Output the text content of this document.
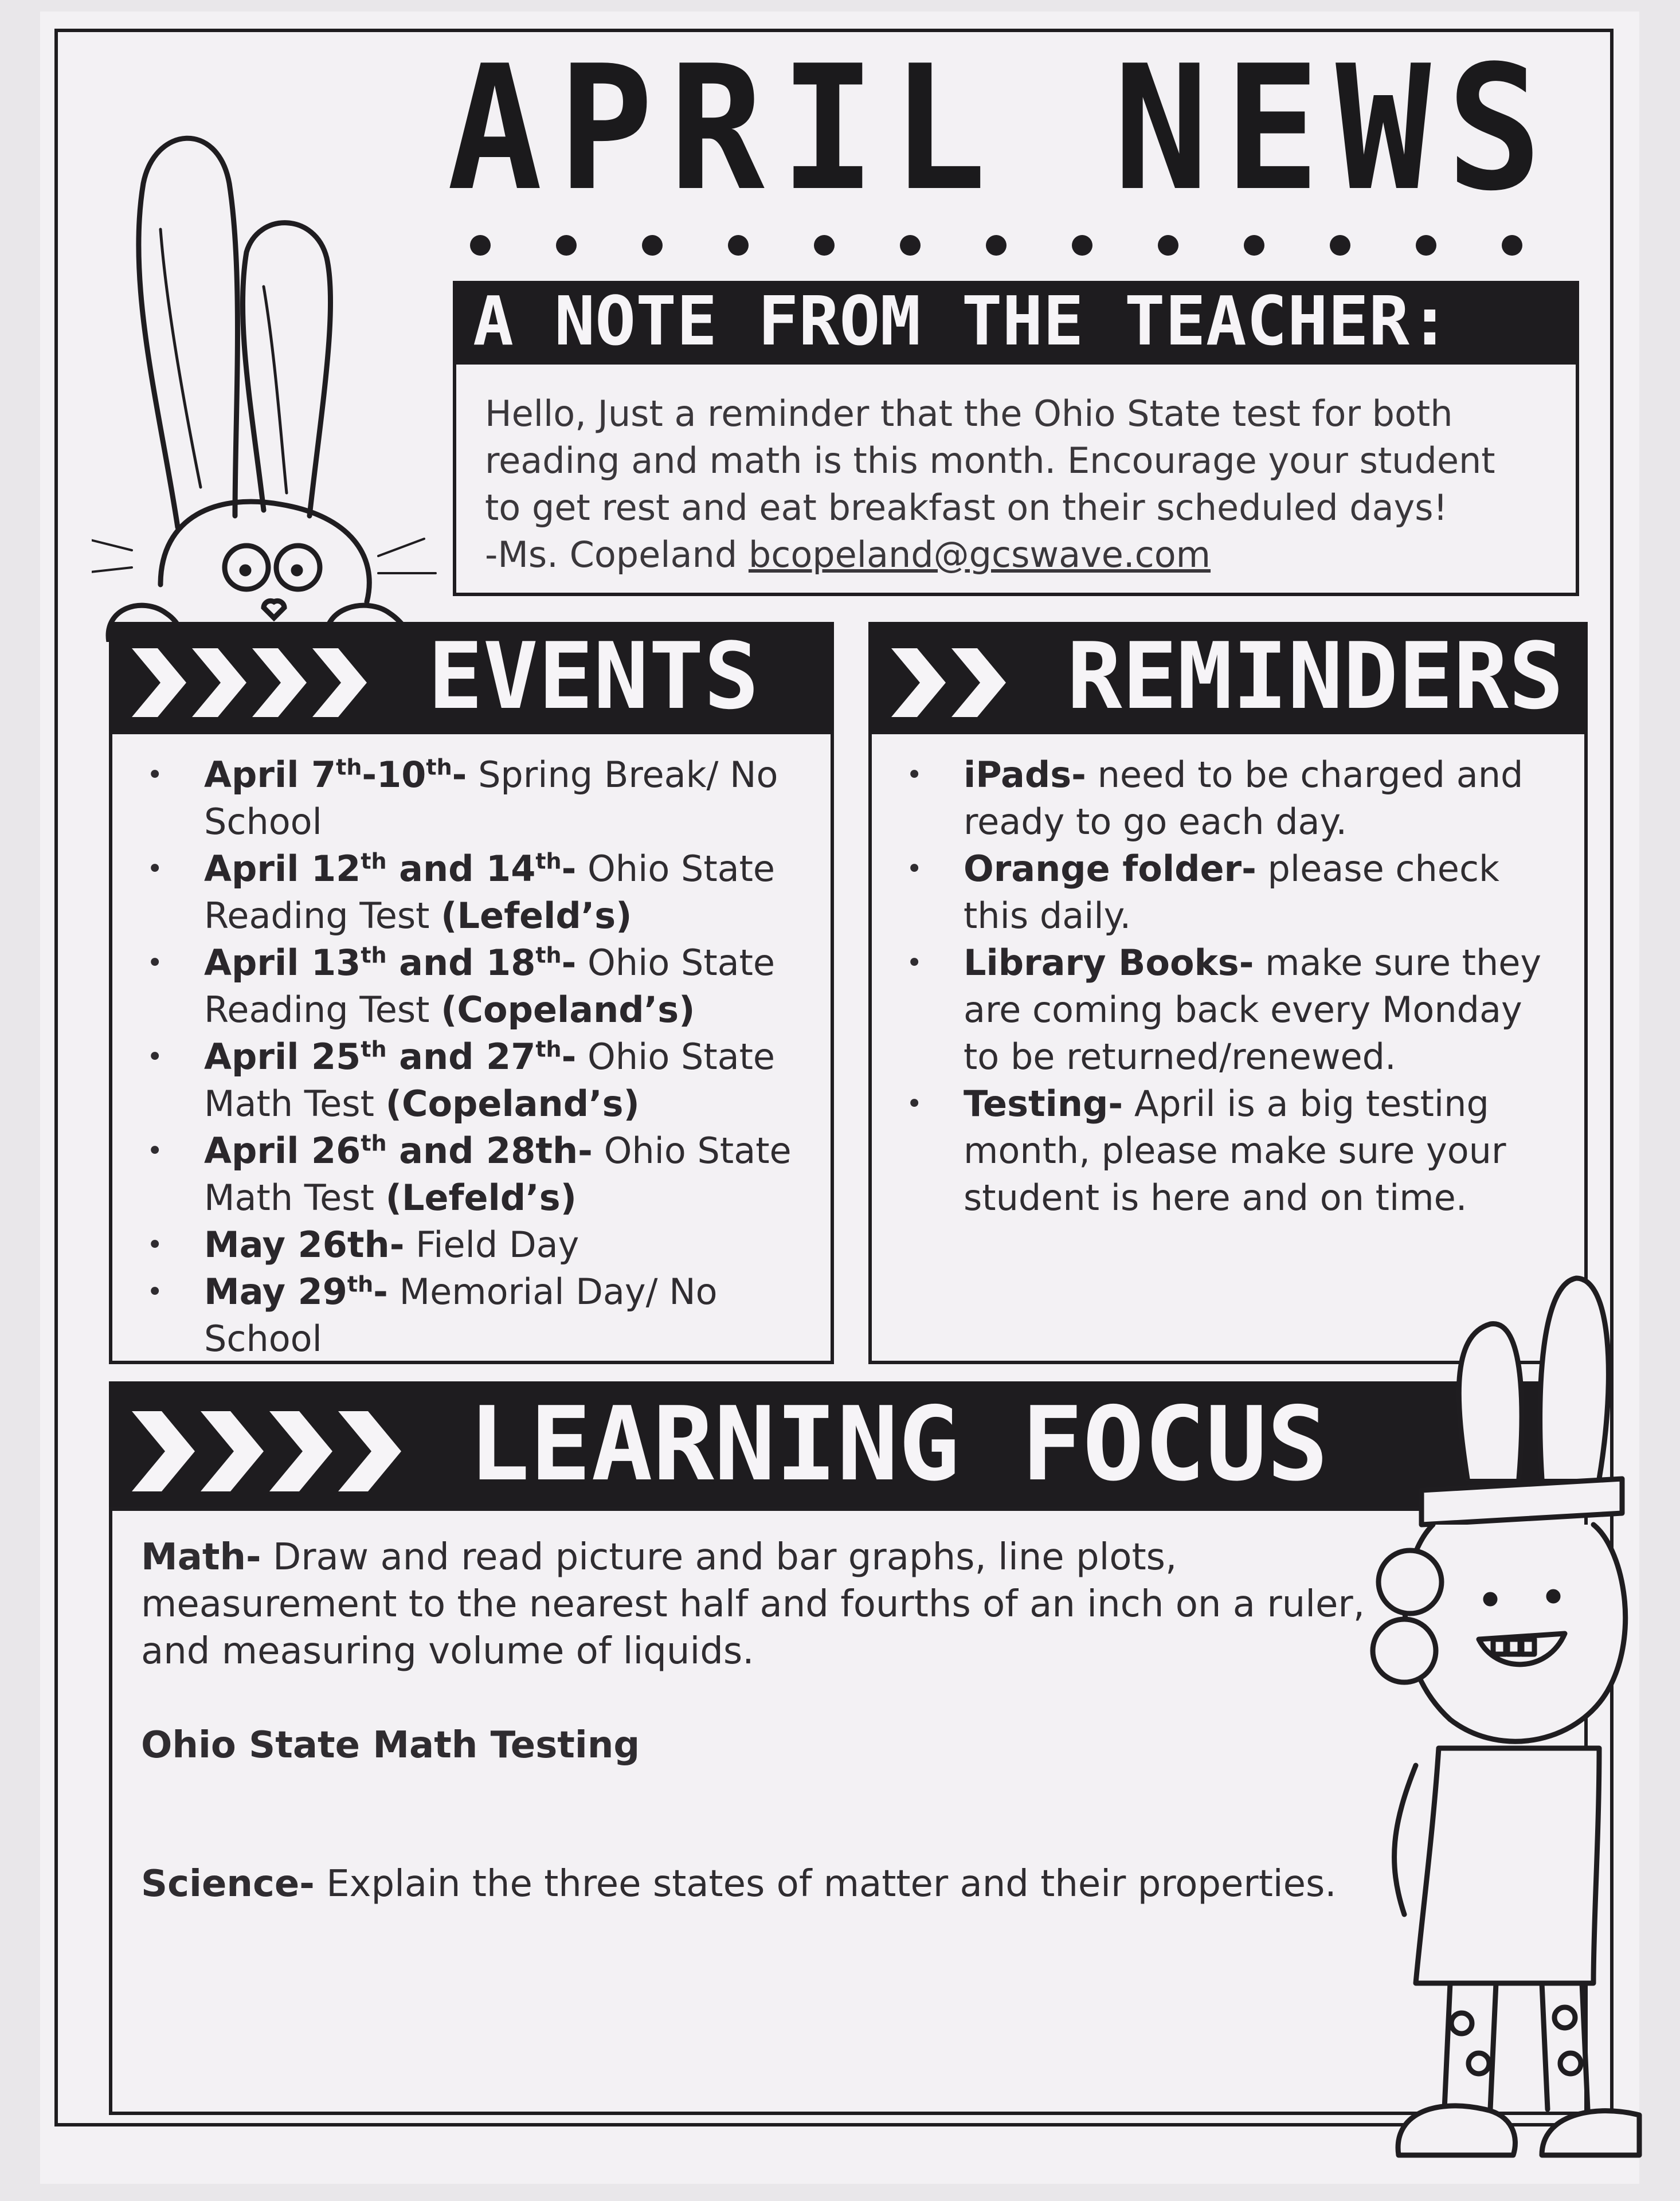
APRIL NEWS
A NOTE FROM THE TEACHER:

Hello, Just a reminder that the Ohio State test for both

reading and math is this month. Encourage your student

to get rest and eat breakfast on their scheduled days!

-Ms. Copeland bcopeland@gcswave.com

EVENTS
• April 7th-10th- Spring Break/ No School
• April 12th and 14th- Ohio State Reading Test (Lefeld’s)
• April 13th and 18th- Ohio State Reading Test (Copeland’s)
• April 25th and 27th- Ohio State Math Test (Copeland’s)
• April 26th and 28th- Ohio State Math Test (Lefeld’s)
• May 26th- Field Day
• May 29th- Memorial Day/ No School
REMINDERS
• iPads- need to be charged and ready to go each day.
• Orange folder- please check this daily.
• Library Books- make sure they are coming back every Monday to be returned/renewed.
• Testing- April is a big testing month, please make sure your student is here and on time.
LEARNING FOCUS

Math- Draw and read picture and bar graphs, line plots, measurement to the nearest half and fourths of an inch on a ruler, and measuring volume of liquids.

Ohio State Math Testing

Science- Explain the three states of matter and their properties.
